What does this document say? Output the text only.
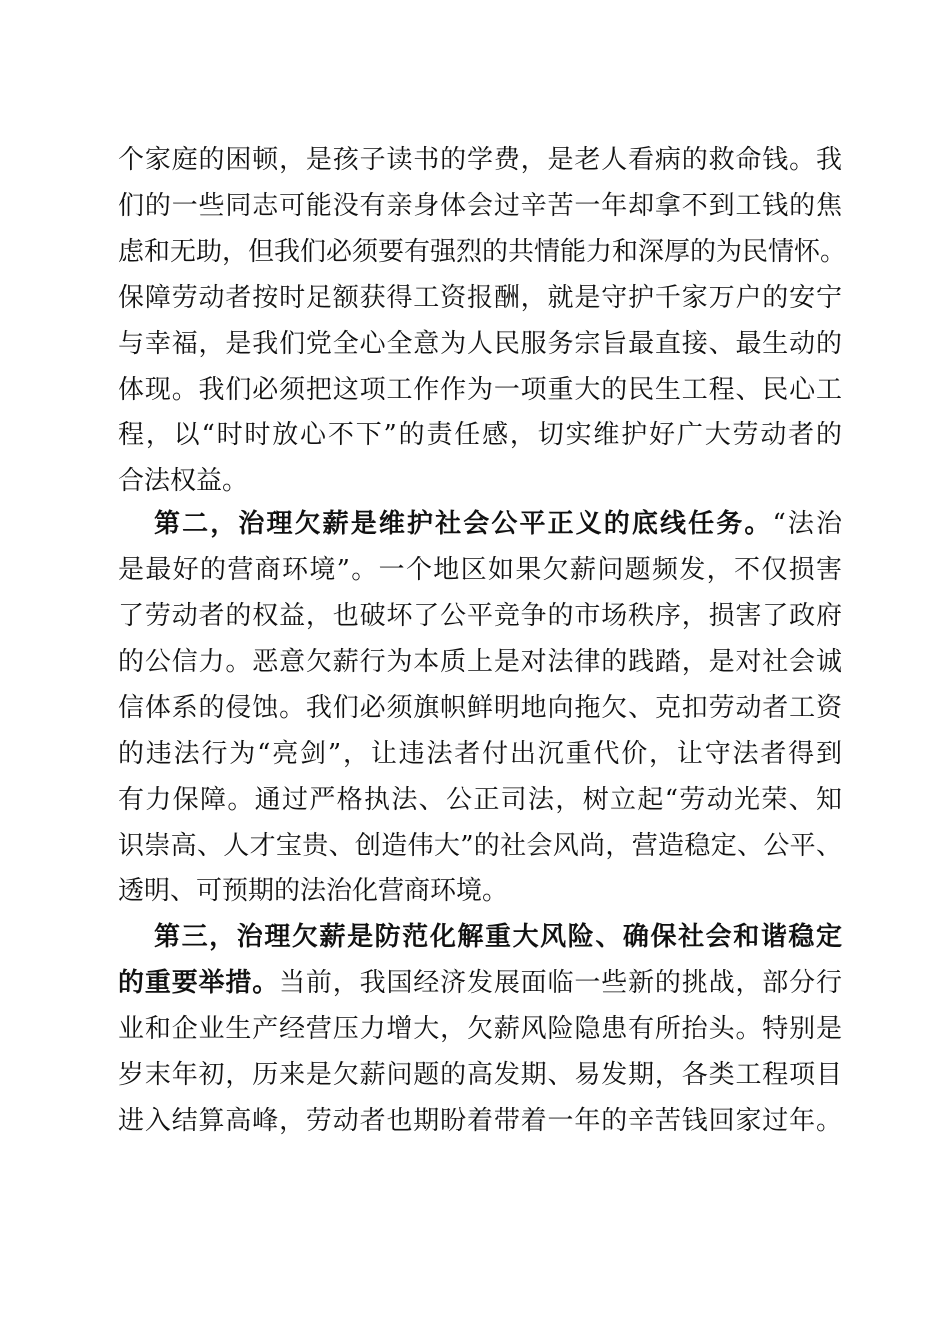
个家庭的困顿，是孩子读书的学费，是老人看病的救命钱。我
们的一些同志可能没有亲身体会过辛苦一年却拿不到工钱的焦
虑和无助，但我们必须要有强烈的共情能力和深厚的为民情怀。
保障劳动者按时足额获得工资报酬，就是守护千家万户的安宁
与幸福，是我们党全心全意为人民服务宗旨最直接、最生动的
体现。我们必须把这项工作作为一项重大的民生工程、民心工
程，以“时时放心不下”的责任感，切实维护好广大劳动者的
合法权益。
第二，治理欠薪是维护社会公平正义的底线任务。“法治
是最好的营商环境”。一个地区如果欠薪问题频发，不仅损害
了劳动者的权益，也破坏了公平竞争的市场秩序，损害了政府
的公信力。恶意欠薪行为本质上是对法律的践踏，是对社会诚
信体系的侵蚀。我们必须旗帜鲜明地向拖欠、克扣劳动者工资
的违法行为“亮剑”，让违法者付出沉重代价，让守法者得到
有力保障。通过严格执法、公正司法，树立起“劳动光荣、知
识崇高、人才宝贵、创造伟大”的社会风尚，营造稳定、公平、
透明、可预期的法治化营商环境。
第三，治理欠薪是防范化解重大风险、确保社会和谐稳定
的重要举措。当前，我国经济发展面临一些新的挑战，部分行
业和企业生产经营压力增大，欠薪风险隐患有所抬头。特别是
岁末年初，历来是欠薪问题的高发期、易发期，各类工程项目
进入结算高峰，劳动者也期盼着带着一年的辛苦钱回家过年。
